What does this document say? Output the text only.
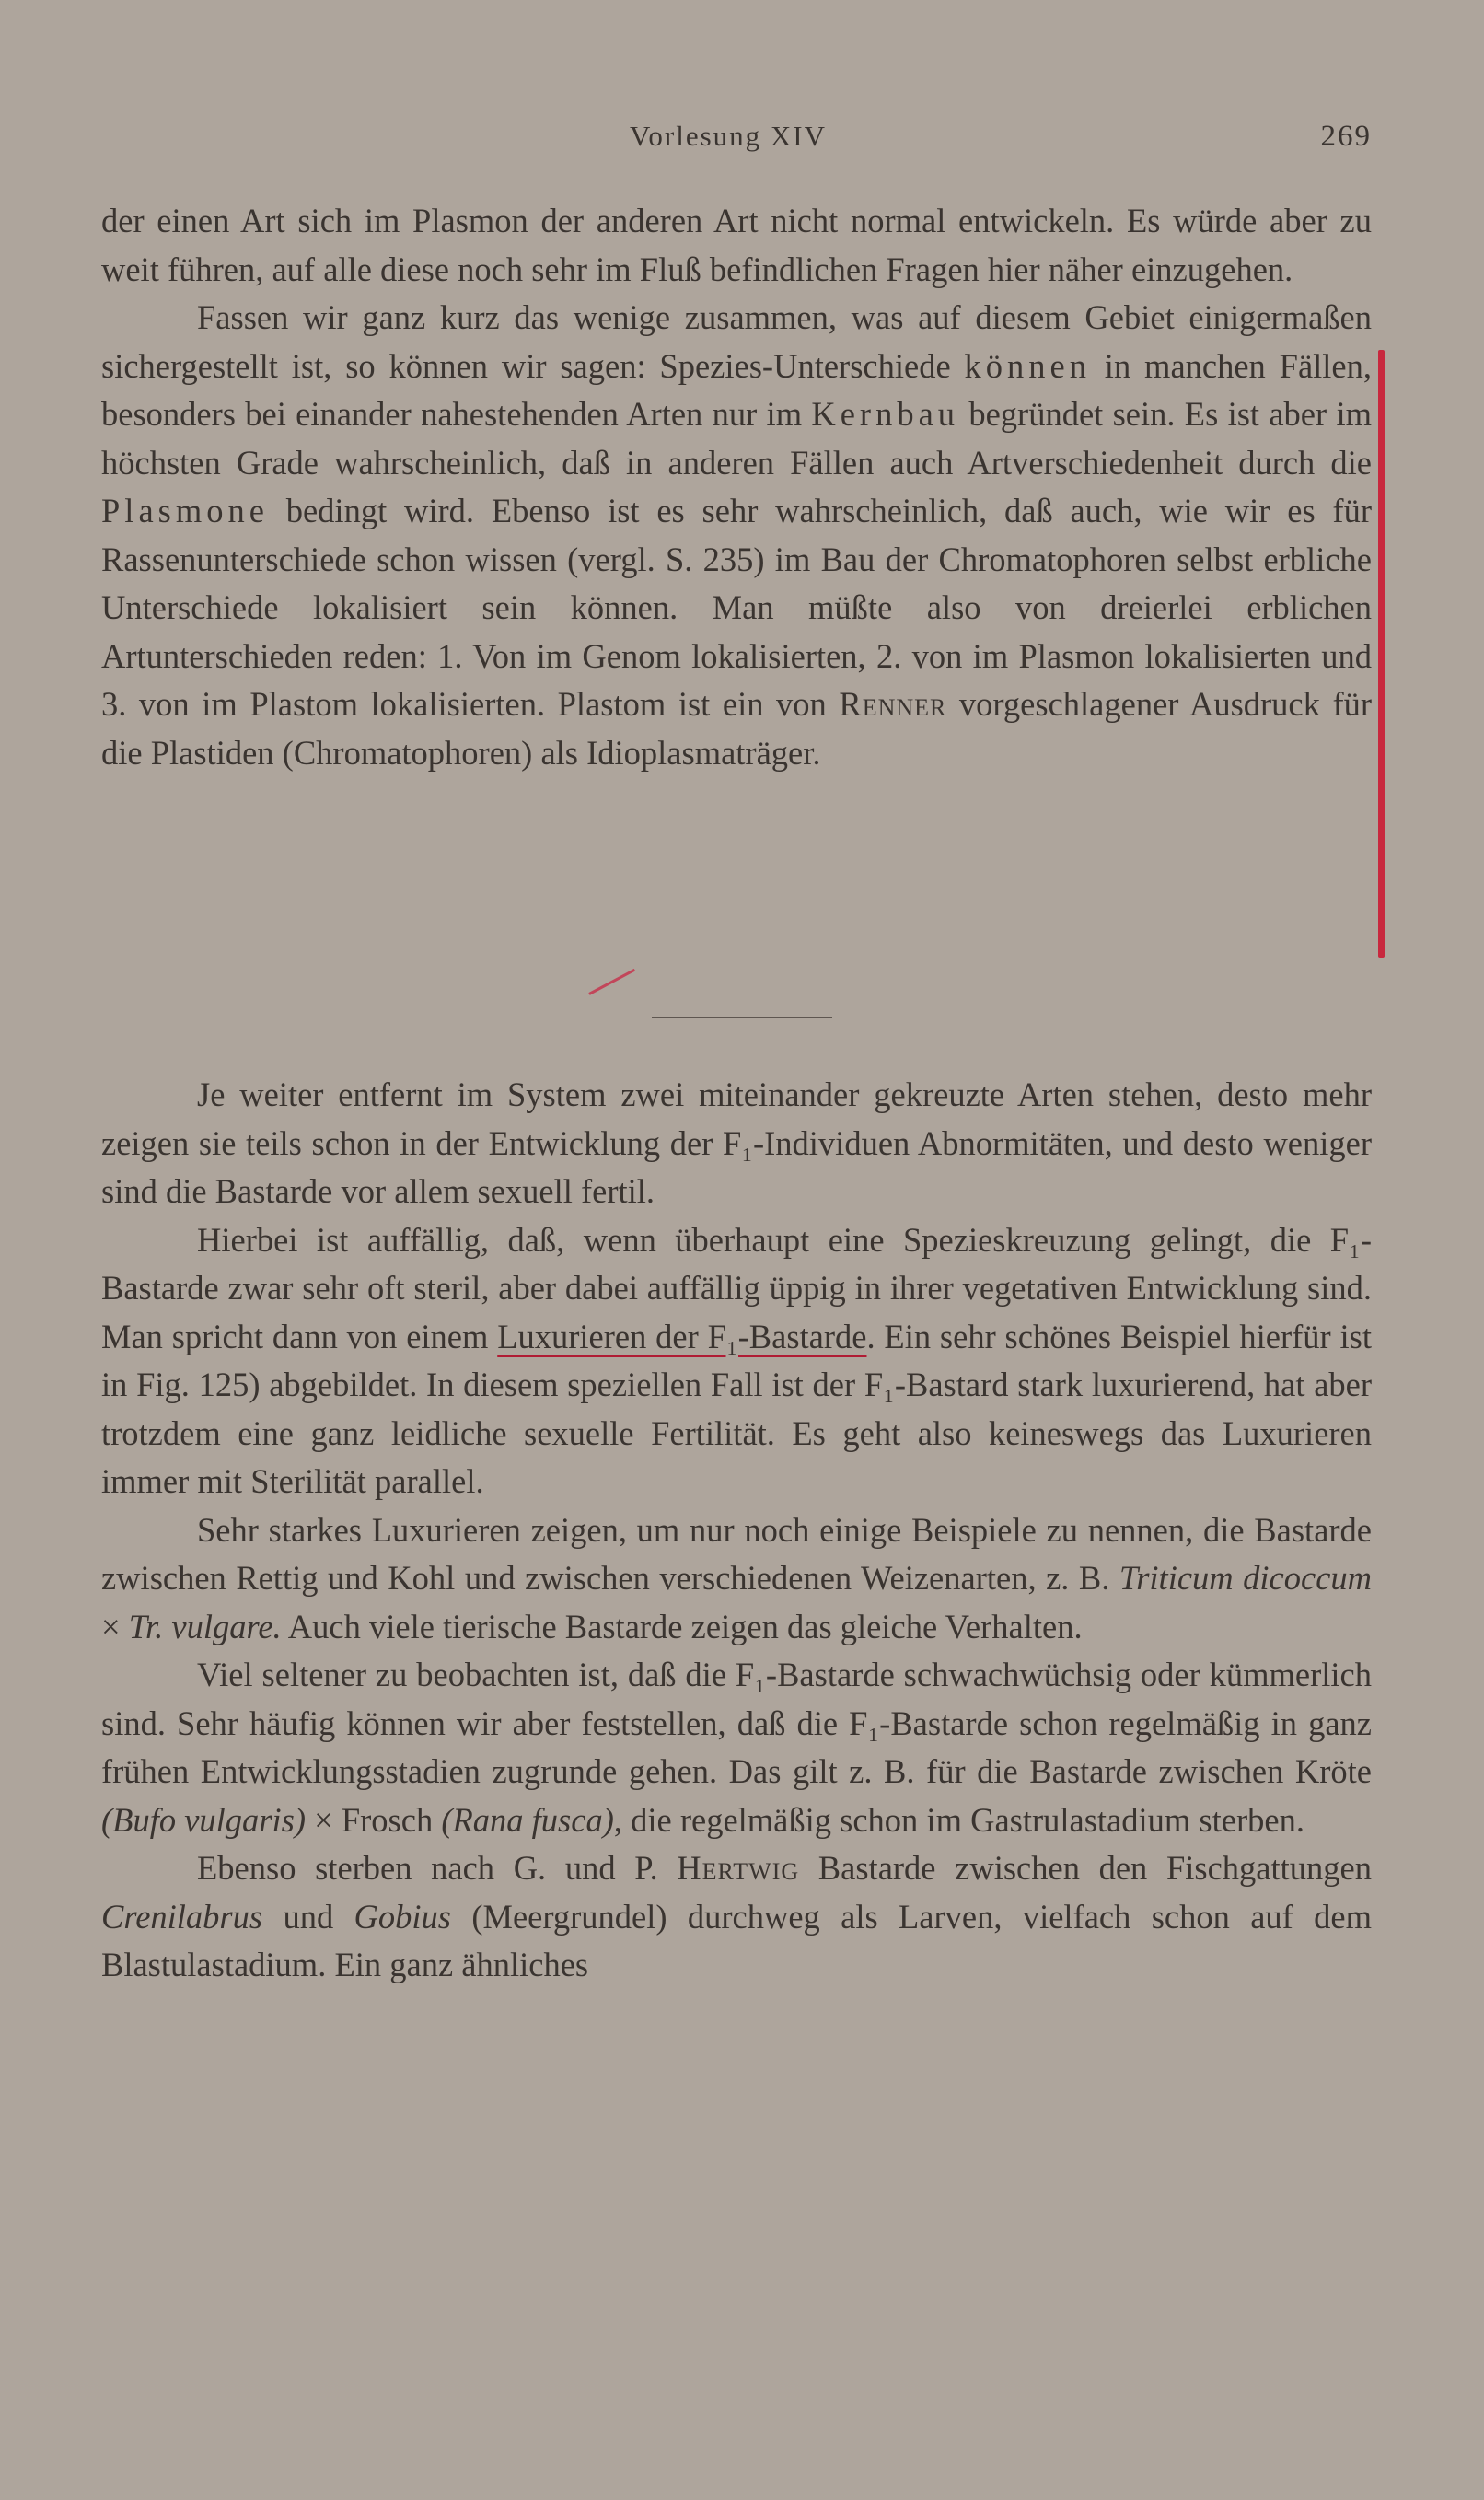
Vorlesung XIV	269

der einen Art sich im Plasmon der anderen Art nicht normal entwickeln. Es würde aber zu weit führen, auf alle diese noch sehr im Fluß befindlichen Fragen hier näher einzugehen.

Fassen wir ganz kurz das wenige zusammen, was auf diesem Gebiet einigermaßen sichergestellt ist, so können wir sagen: Spezies-Unterschiede können in manchen Fällen, besonders bei einander nahestehenden Arten nur im Kernbau begründet sein. Es ist aber im höchsten Grade wahrscheinlich, daß in anderen Fällen auch Artverschiedenheit durch die Plasmone bedingt wird. Ebenso ist es sehr wahrscheinlich, daß auch, wie wir es für Rassenunterschiede schon wissen (vergl. S. 235) im Bau der Chromatophoren selbst erbliche Unterschiede lokalisiert sein können. Man müßte also von dreierlei erblichen Artunterschieden reden: 1. Von im Genom lokalisierten, 2. von im Plasmon lokalisierten und 3. von im Plastom lokalisierten. Plastom ist ein von Renner vorgeschlagener Ausdruck für die Plastiden (Chromatophoren) als Idioplasmaträger.

Je weiter entfernt im System zwei miteinander gekreuzte Arten stehen, desto mehr zeigen sie teils schon in der Entwicklung der F₁-Individuen Abnormitäten, und desto weniger sind die Bastarde vor allem sexuell fertil.

Hierbei ist auffällig, daß, wenn überhaupt eine Spezieskreuzung gelingt, die F₁-Bastarde zwar sehr oft steril, aber dabei auffällig üppig in ihrer vegetativen Entwicklung sind. Man spricht dann von einem Luxurieren der F₁-Bastarde. Ein sehr schönes Beispiel hierfür ist in Fig. 125) abgebildet. In diesem speziellen Fall ist der F₁-Bastard stark luxurierend, hat aber trotzdem eine ganz leidliche sexuelle Fertilität. Es geht also keineswegs das Luxurieren immer mit Sterilität parallel.

Sehr starkes Luxurieren zeigen, um nur noch einige Beispiele zu nennen, die Bastarde zwischen Rettig und Kohl und zwischen verschiedenen Weizenarten, z. B. Triticum dicoccum × Tr. vulgare. Auch viele tierische Bastarde zeigen das gleiche Verhalten.

Viel seltener zu beobachten ist, daß die F₁-Bastarde schwachwüchsig oder kümmerlich sind. Sehr häufig können wir aber feststellen, daß die F₁-Bastarde schon regelmäßig in ganz frühen Entwicklungsstadien zugrunde gehen. Das gilt z. B. für die Bastarde zwischen Kröte (Bufo vulgaris) × Frosch (Rana fusca), die regelmäßig schon im Gastrulastadium sterben.

Ebenso sterben nach G. und P. Hertwig Bastarde zwischen den Fischgattungen Crenilabrus und Gobius (Meergrundel) durchweg als Larven, vielfach schon auf dem Blastulastadium. Ein ganz ähnliches
